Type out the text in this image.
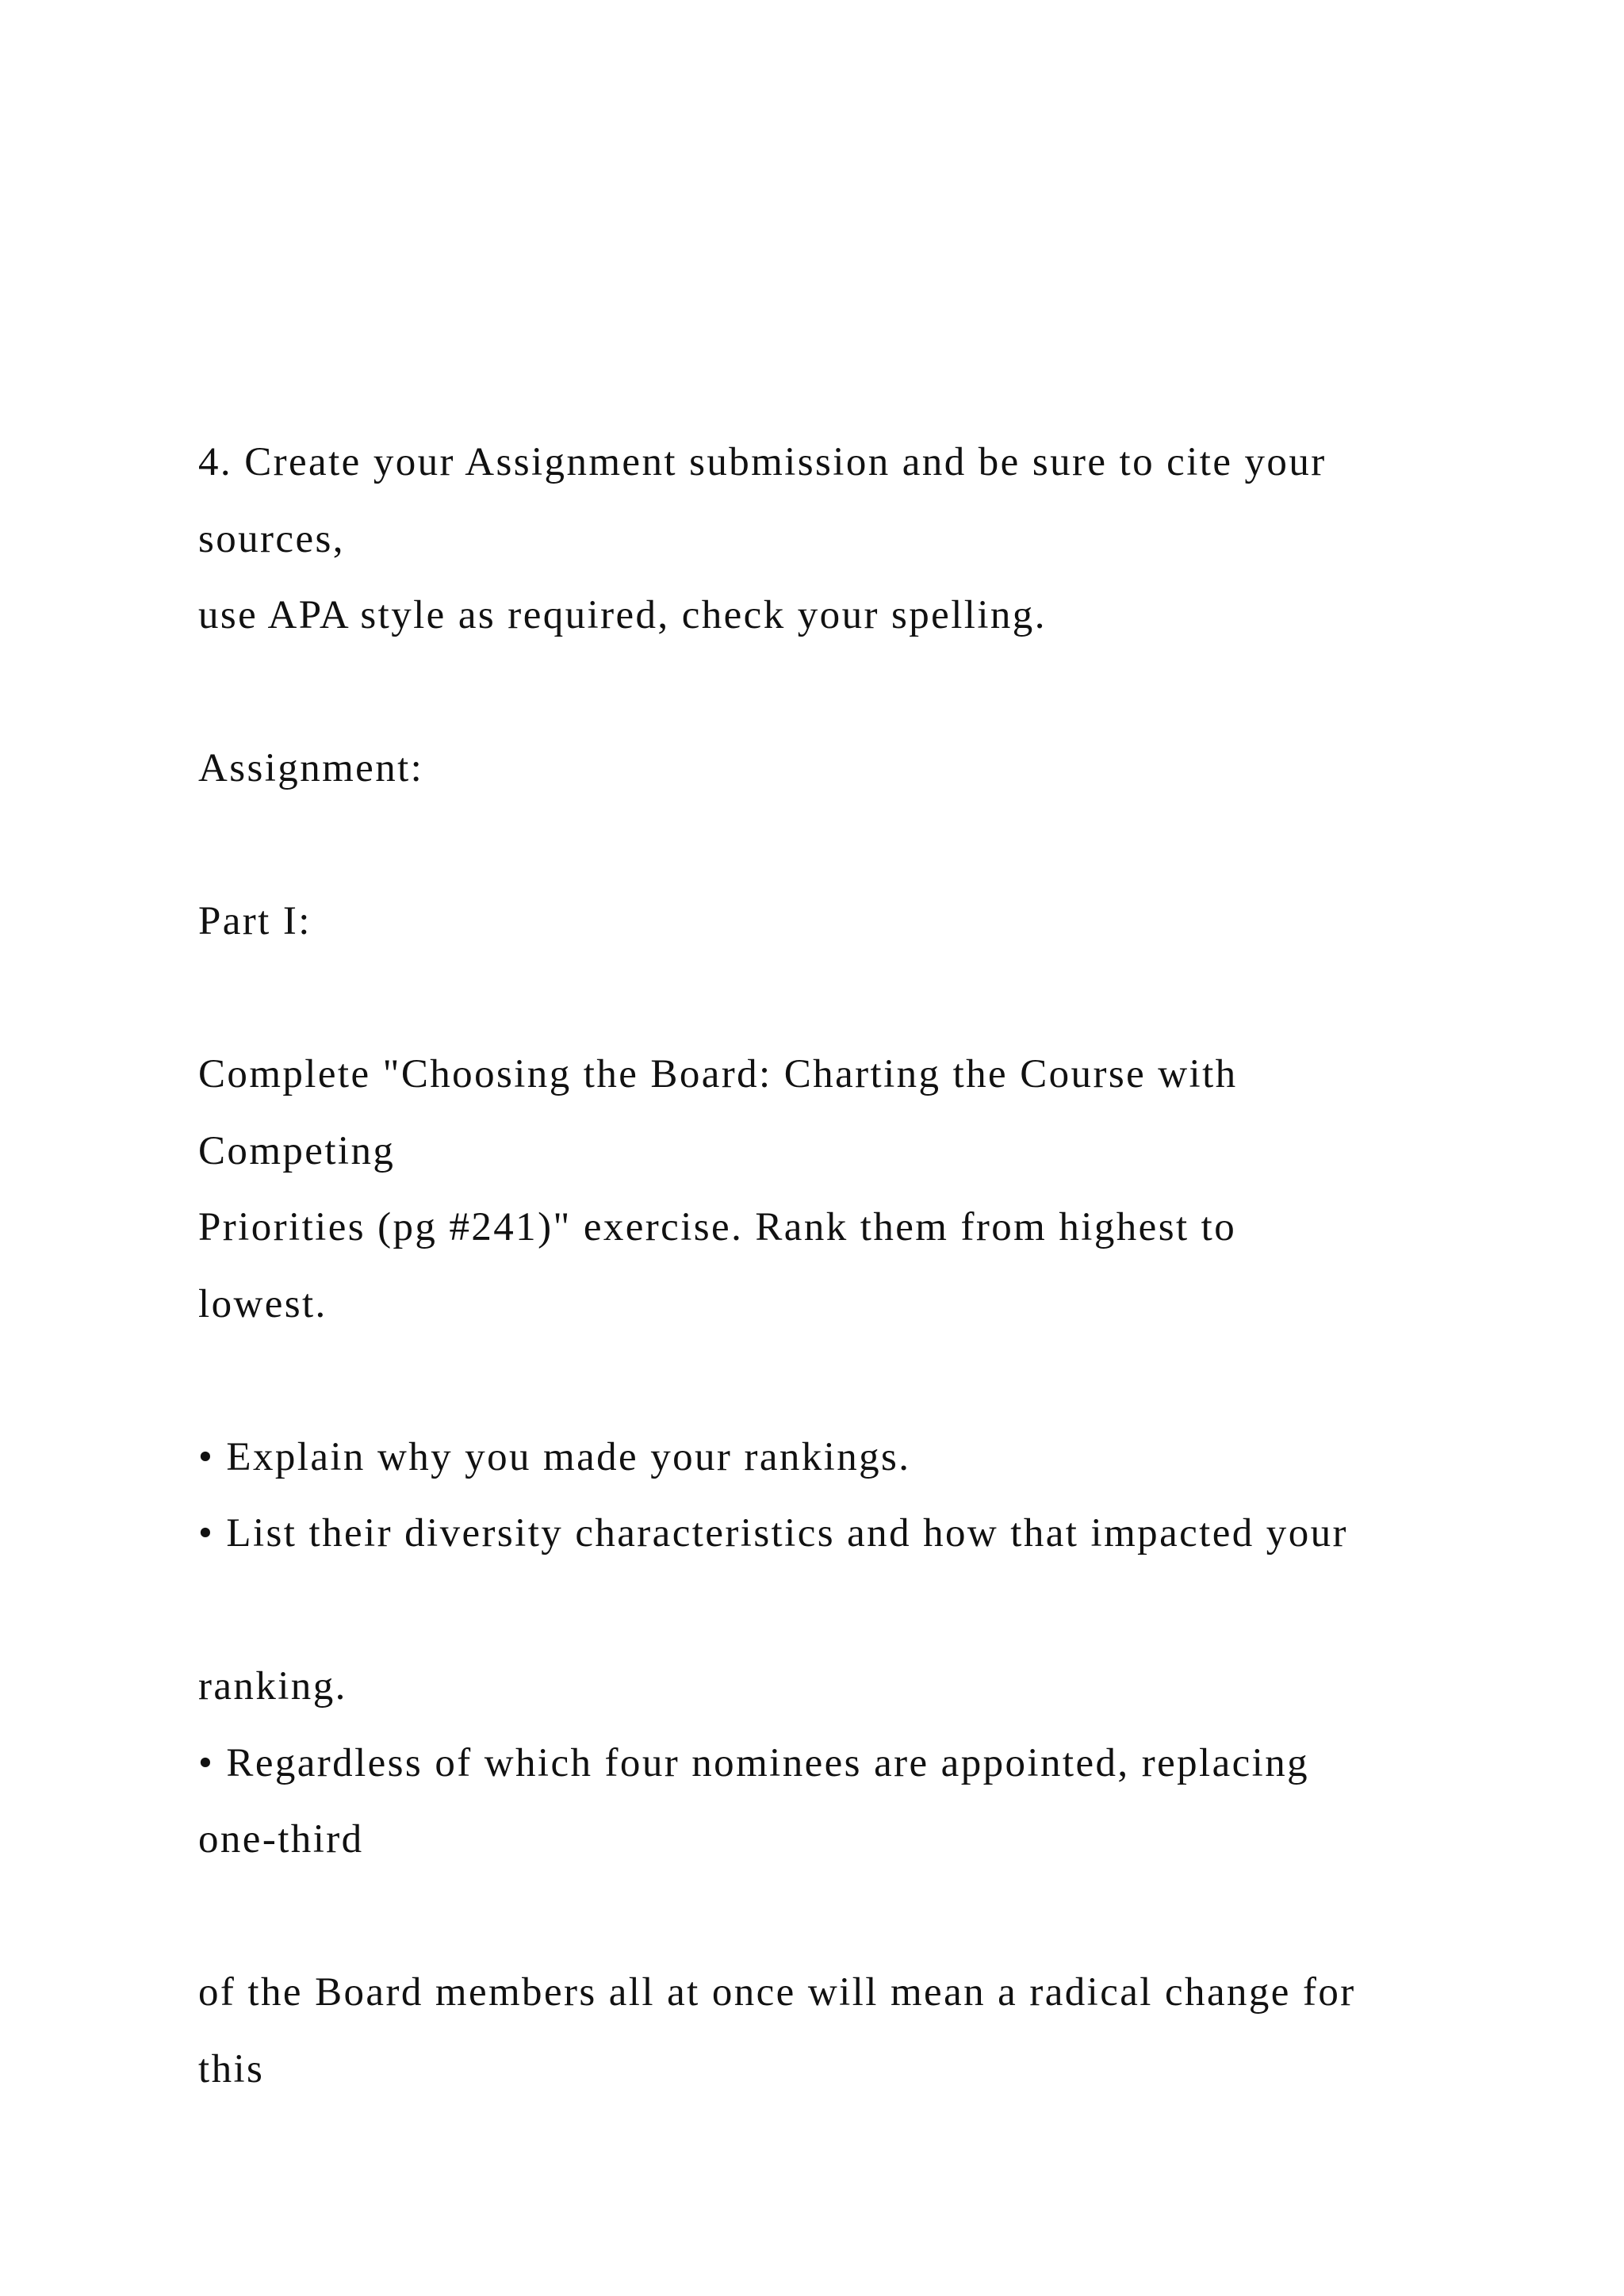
4. Create your Assignment submission and be sure to cite your
sources,
use APA style as required, check your spelling.
Assignment:
Part I:
Complete "Choosing the Board: Charting the Course with
Competing
Priorities (pg #241)" exercise. Rank them from highest to
lowest.
• Explain why you made your rankings.
• List their diversity characteristics and how that impacted your
ranking.
• Regardless of which four nominees are appointed, replacing
one-third
of the Board members all at once will mean a radical change for
this
